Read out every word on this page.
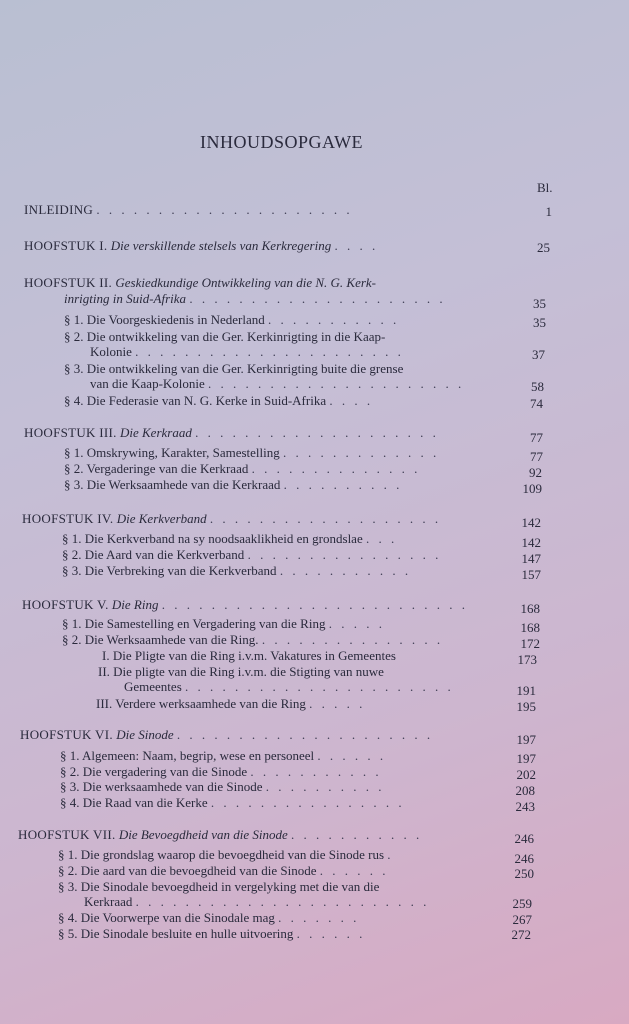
INHOUDSOPGAWE
Bl.
INLEIDING . . . . . . . . . . . . . . . . . . . . .	1
HOOFSTUK I. Die verskillende stelsels van Kerkregering . . . .	25
HOOFSTUK II. Geskiedkundige Ontwikkeling van die N. G. Kerk-
inrigting in Suid-Afrika . . . . . . . . . . . . . . . . . . . . .	35
§ 1. Die Voorgeskiedenis in Nederland . . . . . . . . . . .	35
§ 2. Die ontwikkeling van die Ger. Kerkinrigting in die Kaap-
Kolonie . . . . . . . . . . . . . . . . . . . . . .	37
§ 3. Die ontwikkeling van die Ger. Kerkinrigting buite die grense
van die Kaap-Kolonie . . . . . . . . . . . . . . . . . . . . .	58
§ 4. Die Federasie van N. G. Kerke in Suid-Afrika . . . .	74
HOOFSTUK III. Die Kerkraad . . . . . . . . . . . . . . . . . . . .	77
§ 1. Omskrywing, Karakter, Samestelling . . . . . . . . . . . . .	77
§ 2. Vergaderinge van die Kerkraad . . . . . . . . . . . . . .	92
§ 3. Die Werksaamhede van die Kerkraad . . . . . . . . . .	109
HOOFSTUK IV. Die Kerkverband . . . . . . . . . . . . . . . . . . .	142
§ 1. Die Kerkverband na sy noodsaaklikheid en grondslae . . .	142
§ 2. Die Aard van die Kerkverband . . . . . . . . . . . . . . . .	147
§ 3. Die Verbreking van die Kerkverband . . . . . . . . . . .	157
HOOFSTUK V. Die Ring . . . . . . . . . . . . . . . . . . . . . . . . .	168
§ 1. Die Samestelling en Vergadering van die Ring . . . . .	168
§ 2. Die Werksaamhede van die Ring. . . . . . . . . . . . . . . .	172
I. Die Pligte van die Ring i.v.m. Vakatures in Gemeentes	173
II. Die pligte van die Ring i.v.m. die Stigting van nuwe
Gemeentes . . . . . . . . . . . . . . . . . . . . . .	191
III. Verdere werksaamhede van die Ring . . . . .	195
HOOFSTUK VI. Die Sinode . . . . . . . . . . . . . . . . . . . . .	197
§ 1. Algemeen: Naam, begrip, wese en personeel . . . . . .	197
§ 2. Die vergadering van die Sinode . . . . . . . . . . .	202
§ 3. Die werksaamhede van die Sinode . . . . . . . . . .	208
§ 4. Die Raad van die Kerke . . . . . . . . . . . . . . . .	243
HOOFSTUK VII. Die Bevoegdheid van die Sinode . . . . . . . . . . .	246
§ 1. Die grondslag waarop die bevoegdheid van die Sinode rus .	246
§ 2. Die aard van die bevoegdheid van die Sinode . . . . . .	250
§ 3. Die Sinodale bevoegdheid in vergelyking met die van die
Kerkraad . . . . . . . . . . . . . . . . . . . . . . . .	259
§ 4. Die Voorwerpe van die Sinodale mag . . . . . . .	267
§ 5. Die Sinodale besluite en hulle uitvoering . . . . . .	272
